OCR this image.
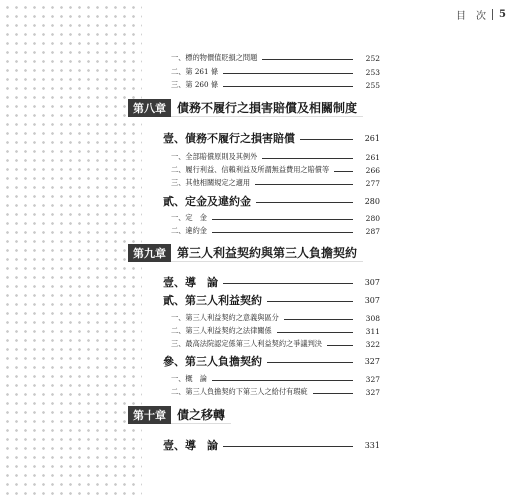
目　次 5
一、標的物價值貶損之問題	252
二、第 261 條	253
三、第 260 條	255
第八章 債務不履行之損害賠償及相關制度
壹、債務不履行之損害賠償	261
一、全部賠償原則及其例外	261
二、履行利益、信賴利益及所謂無益費用之賠償等	266
三、其他相關規定之適用	277
貳、定金及違約金	280
一、定　金	280
二、違約金	287
第九章 第三人利益契約與第三人負擔契約
壹、導　論	307
貳、第三人利益契約	307
一、第三人利益契約之意義與區分	308
二、第三人利益契約之法律關係	311
三、最高法院認定係第三人利益契約之爭議判決	322
參、第三人負擔契約	327
一、概　論	327
二、第三人負擔契約下第三人之給付有瑕疵	327
第十章 債之移轉
壹、導　論	331
